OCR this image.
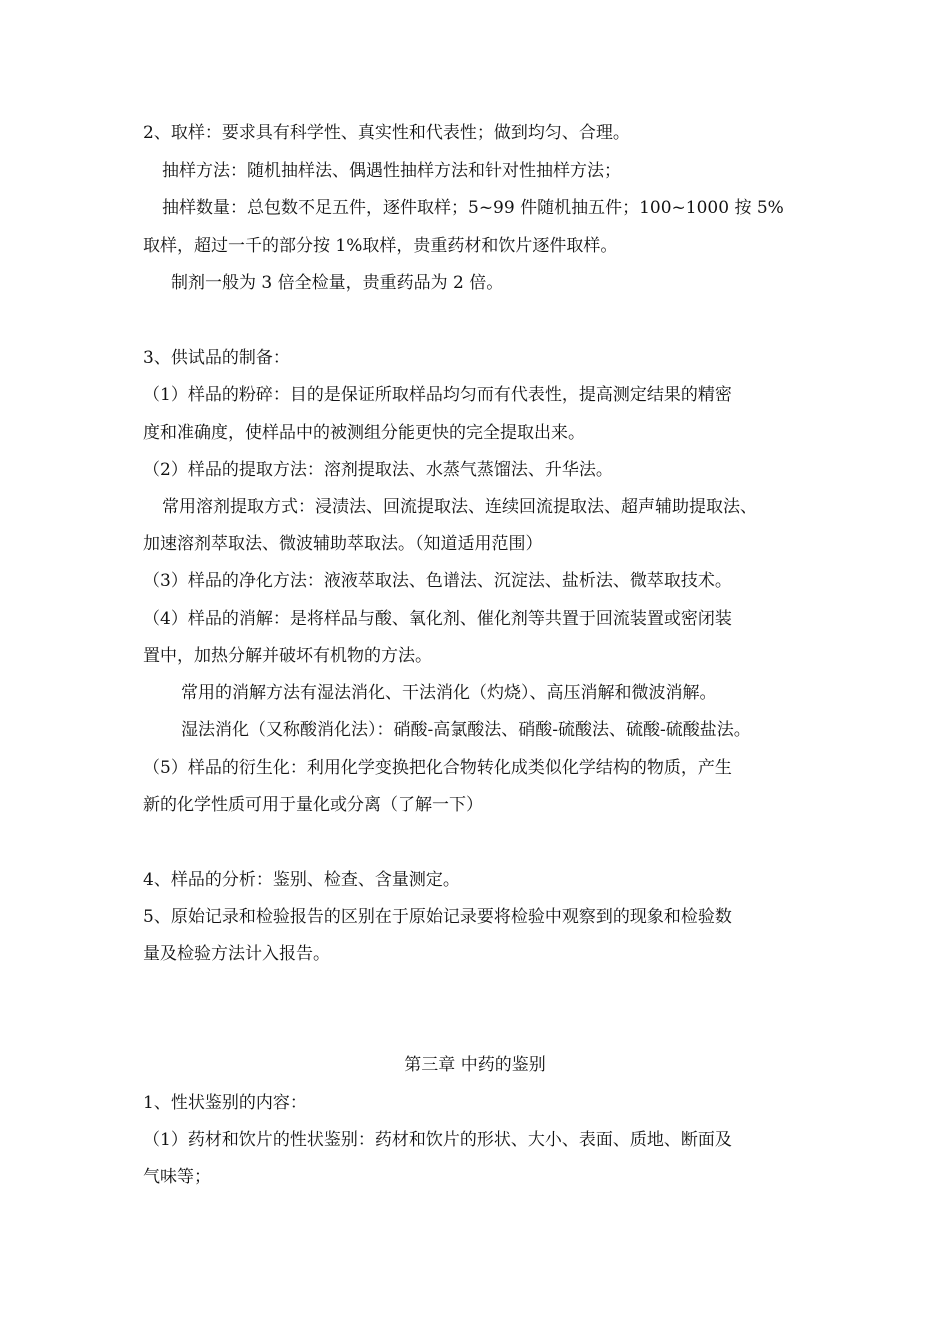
2、取样：要求具有科学性、真实性和代表性；做到均匀、合理。
抽样方法：随机抽样法、偶遇性抽样方法和针对性抽样方法；
抽样数量：总包数不足五件，逐件取样；5~99 件随机抽五件；100~1000 按 5%
取样，超过一千的部分按 1%取样，贵重药材和饮片逐件取样。
制剂一般为 3 倍全检量，贵重药品为 2 倍。
3、供试品的制备：
（1）样品的粉碎：目的是保证所取样品均匀而有代表性，提高测定结果的精密
度和准确度，使样品中的被测组分能更快的完全提取出来。
（2）样品的提取方法：溶剂提取法、水蒸气蒸馏法、升华法。
常用溶剂提取方式：浸渍法、回流提取法、连续回流提取法、超声辅助提取法、
加速溶剂萃取法、微波辅助萃取法。（知道适用范围）
（3）样品的净化方法：液液萃取法、色谱法、沉淀法、盐析法、微萃取技术。
（4）样品的消解：是将样品与酸、氧化剂、催化剂等共置于回流装置或密闭装
置中，加热分解并破坏有机物的方法。
常用的消解方法有湿法消化、干法消化（灼烧）、高压消解和微波消解。
湿法消化（又称酸消化法）：硝酸-高氯酸法、硝酸-硫酸法、硫酸-硫酸盐法。
（5）样品的衍生化：利用化学变换把化合物转化成类似化学结构的物质，产生
新的化学性质可用于量化或分离（了解一下）
4、样品的分析：鉴别、检查、含量测定。
5、原始记录和检验报告的区别在于原始记录要将检验中观察到的现象和检验数
量及检验方法计入报告。
第三章 中药的鉴别
1、性状鉴别的内容：
（1）药材和饮片的性状鉴别：药材和饮片的形状、大小、表面、质地、断面及
气味等；
